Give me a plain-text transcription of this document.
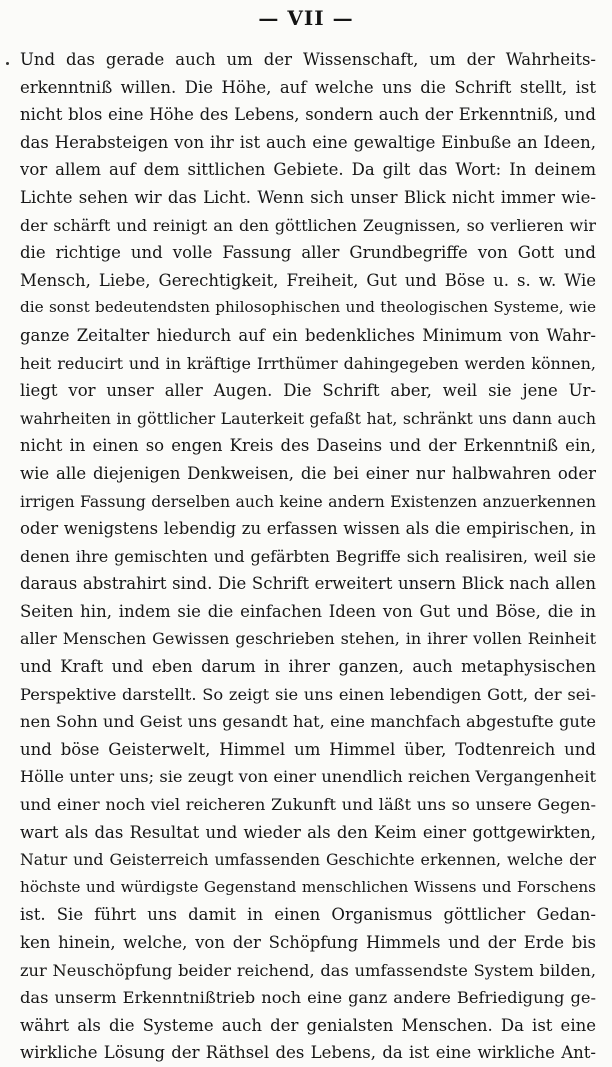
— VII —
Und das gerade auch um der Wissenschaft, um der Wahrheits-
erkenntniß willen. Die Höhe, auf welche uns die Schrift stellt, ist
nicht blos eine Höhe des Lebens, sondern auch der Erkenntniß, und
das Herabsteigen von ihr ist auch eine gewaltige Einbuße an Ideen,
vor allem auf dem sittlichen Gebiete. Da gilt das Wort: In deinem
Lichte sehen wir das Licht. Wenn sich unser Blick nicht immer wie-
der schärft und reinigt an den göttlichen Zeugnissen, so verlieren wir
die richtige und volle Fassung aller Grundbegriffe von Gott und
Mensch, Liebe, Gerechtigkeit, Freiheit, Gut und Böse u. s. w. Wie
die sonst bedeutendsten philosophischen und theologischen Systeme, wie
ganze Zeitalter hiedurch auf ein bedenkliches Minimum von Wahr-
heit reducirt und in kräftige Irrthümer dahingegeben werden können,
liegt vor unser aller Augen. Die Schrift aber, weil sie jene Ur-
wahrheiten in göttlicher Lauterkeit gefaßt hat, schränkt uns dann auch
nicht in einen so engen Kreis des Daseins und der Erkenntniß ein,
wie alle diejenigen Denkweisen, die bei einer nur halbwahren oder
irrigen Fassung derselben auch keine andern Existenzen anzuerkennen
oder wenigstens lebendig zu erfassen wissen als die empirischen, in
denen ihre gemischten und gefärbten Begriffe sich realisiren, weil sie
daraus abstrahirt sind. Die Schrift erweitert unsern Blick nach allen
Seiten hin, indem sie die einfachen Ideen von Gut und Böse, die in
aller Menschen Gewissen geschrieben stehen, in ihrer vollen Reinheit
und Kraft und eben darum in ihrer ganzen, auch metaphysischen
Perspektive darstellt. So zeigt sie uns einen lebendigen Gott, der sei-
nen Sohn und Geist uns gesandt hat, eine manchfach abgestufte gute
und böse Geisterwelt, Himmel um Himmel über, Todtenreich und
Hölle unter uns; sie zeugt von einer unendlich reichen Vergangenheit
und einer noch viel reicheren Zukunft und läßt uns so unsere Gegen-
wart als das Resultat und wieder als den Keim einer gottgewirkten,
Natur und Geisterreich umfassenden Geschichte erkennen, welche der
höchste und würdigste Gegenstand menschlichen Wissens und Forschens
ist. Sie führt uns damit in einen Organismus göttlicher Gedan-
ken hinein, welche, von der Schöpfung Himmels und der Erde bis
zur Neuschöpfung beider reichend, das umfassendste System bilden,
das unserm Erkenntnißtrieb noch eine ganz andere Befriedigung ge-
währt als die Systeme auch der genialsten Menschen. Da ist eine
wirkliche Lösung der Räthsel des Lebens, da ist eine wirkliche Ant-
